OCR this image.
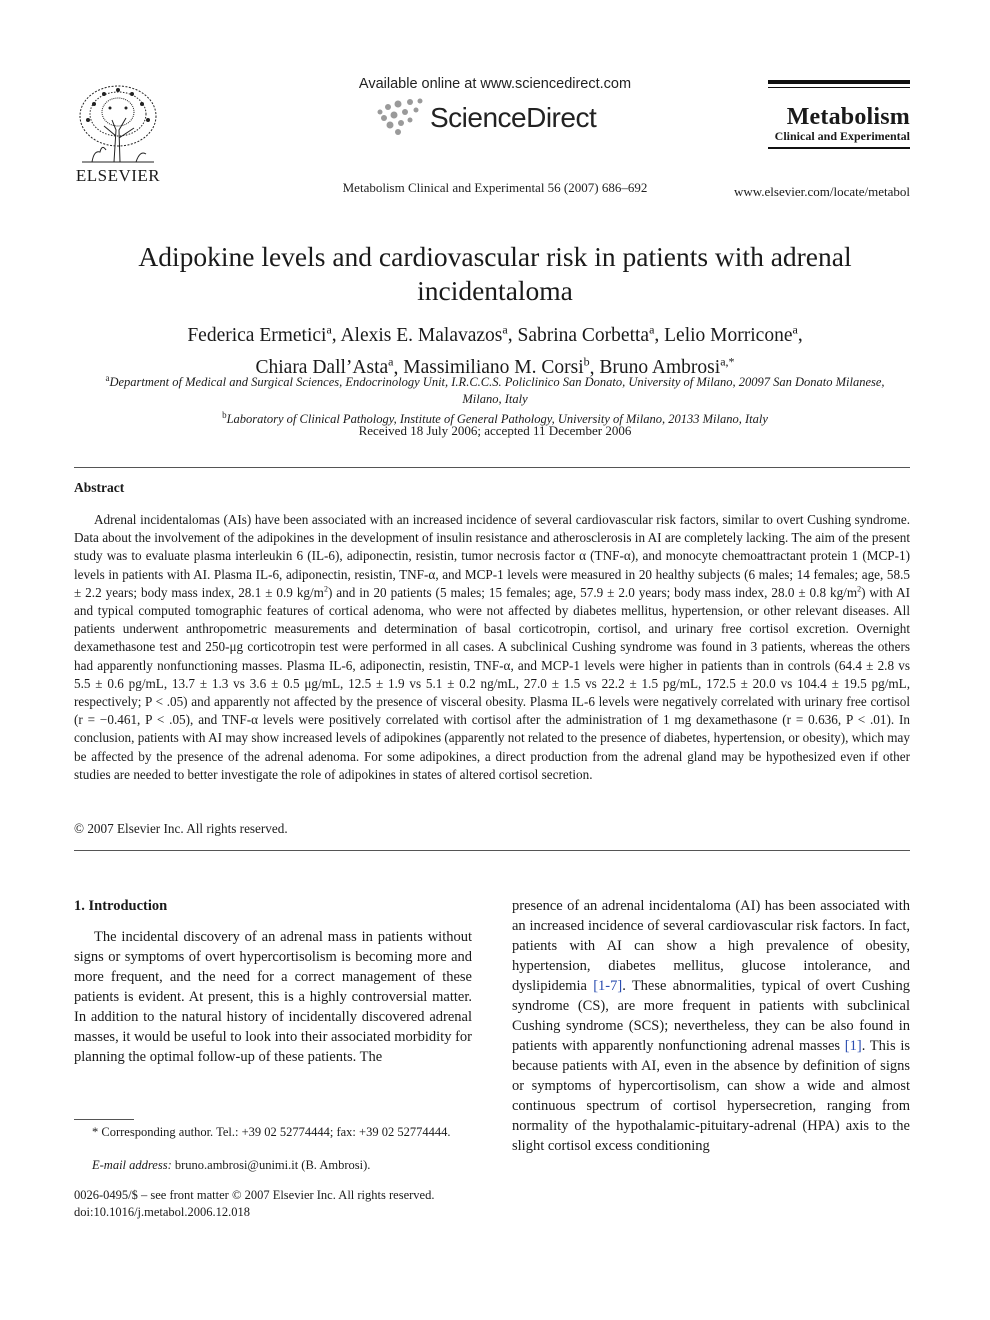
ELSEVIER
Available online at www.sciencedirect.com
ScienceDirect
Metabolism Clinical and Experimental 56 (2007) 686–692
Metabolism
Clinical and Experimental
www.elsevier.com/locate/metabol
Adipokine levels and cardiovascular risk in patients with adrenal incidentaloma
Federica Ermetici$^a$, Alexis E. Malavazos$^a$, Sabrina Corbetta$^a$, Lelio Morricone$^a$,
Chiara Dall’Asta$^a$, Massimiliano M. Corsi$^b$, Bruno Ambrosi$^{a,*}$
$^a$Department of Medical and Surgical Sciences, Endocrinology Unit, I.R.C.C.S. Policlinico San Donato, University of Milano, 20097 San Donato Milanese, Milano, Italy
$^b$Laboratory of Clinical Pathology, Institute of General Pathology, University of Milano, 20133 Milano, Italy
Received 18 July 2006; accepted 11 December 2006
Abstract

Adrenal incidentalomas (AIs) have been associated with an increased incidence of several cardiovascular risk factors, similar to overt Cushing syndrome. Data about the involvement of the adipokines in the development of insulin resistance and atherosclerosis in AI are completely lacking. The aim of the present study was to evaluate plasma interleukin 6 (IL-6), adiponectin, resistin, tumor necrosis factor α (TNF-α), and monocyte chemoattractant protein 1 (MCP-1) levels in patients with AI. Plasma IL-6, adiponectin, resistin, TNF-α, and MCP-1 levels were measured in 20 healthy subjects (6 males; 14 females; age, 58.5 ± 2.2 years; body mass index, 28.1 ± 0.9 $kg/m^2$) and in 20 patients (5 males; 15 females; age, 57.9 ± 2.0 years; body mass index, 28.0 ± 0.8 $kg/m^2$) with AI and typical computed tomographic features of cortical adenoma, who were not affected by diabetes mellitus, hypertension, or other relevant diseases. All patients underwent anthropometric measurements and determination of basal corticotropin, cortisol, and urinary free cortisol excretion. Overnight dexamethasone test and 250-μg corticotropin test were performed in all cases. A subclinical Cushing syndrome was found in 3 patients, whereas the others had apparently nonfunctioning masses. Plasma IL-6, adiponectin, resistin, TNF-α, and MCP-1 levels were higher in patients than in controls (64.4 ± 2.8 vs 5.5 ± 0.6 pg/mL, 13.7 ± 1.3 vs 3.6 ± 0.5 μg/mL, 12.5 ± 1.9 vs 5.1 ± 0.2 ng/mL, 27.0 ± 1.5 vs 22.2 ± 1.5 pg/mL, 172.5 ± 20.0 vs 104.4 ± 19.5 pg/mL, respectively; P < .05) and apparently not affected by the presence of visceral obesity. Plasma IL-6 levels were negatively correlated with urinary free cortisol (r = −0.461, P < .05), and TNF-α levels were positively correlated with cortisol after the administration of 1 mg dexamethasone (r = 0.636, P < .01). In conclusion, patients with AI may show increased levels of adipokines (apparently not related to the presence of diabetes, hypertension, or obesity), which may be affected by the presence of the adrenal adenoma. For some adipokines, a direct production from the adrenal gland may be hypothesized even if other studies are needed to better investigate the role of adipokines in states of altered cortisol secretion.

© 2007 Elsevier Inc. All rights reserved.
1. Introduction

The incidental discovery of an adrenal mass in patients without signs or symptoms of overt hypercortisolism is becoming more and more frequent, and the need for a correct management of these patients is evident. At present, this is a highly controversial matter. In addition to the natural history of incidentally discovered adrenal masses, it would be useful to look into their associated morbidity for planning the optimal follow-up of these patients. The

presence of an adrenal incidentaloma (AI) has been associated with an increased incidence of several cardiovascular risk factors. In fact, patients with AI can show a high prevalence of obesity, hypertension, diabetes mellitus, glucose intolerance, and dyslipidemia [1-7]. These abnormalities, typical of overt Cushing syndrome (CS), are more frequent in patients with subclinical Cushing syndrome (SCS); nevertheless, they can be also found in patients with apparently nonfunctioning adrenal masses [1]. This is because patients with AI, even in the absence by definition of signs or symptoms of hypercortisolism, can show a wide and almost continuous spectrum of cortisol hypersecretion, ranging from normality of the hypothalamic-pituitary-adrenal (HPA) axis to the slight cortisol excess conditioning

* Corresponding author. Tel.: +39 02 52774444; fax: +39 02 52774444.

E-mail address: bruno.ambrosi@unimi.it (B. Ambrosi).
0026-0495/$ – see front matter © 2007 Elsevier Inc. All rights reserved.
doi:10.1016/j.metabol.2006.12.018
